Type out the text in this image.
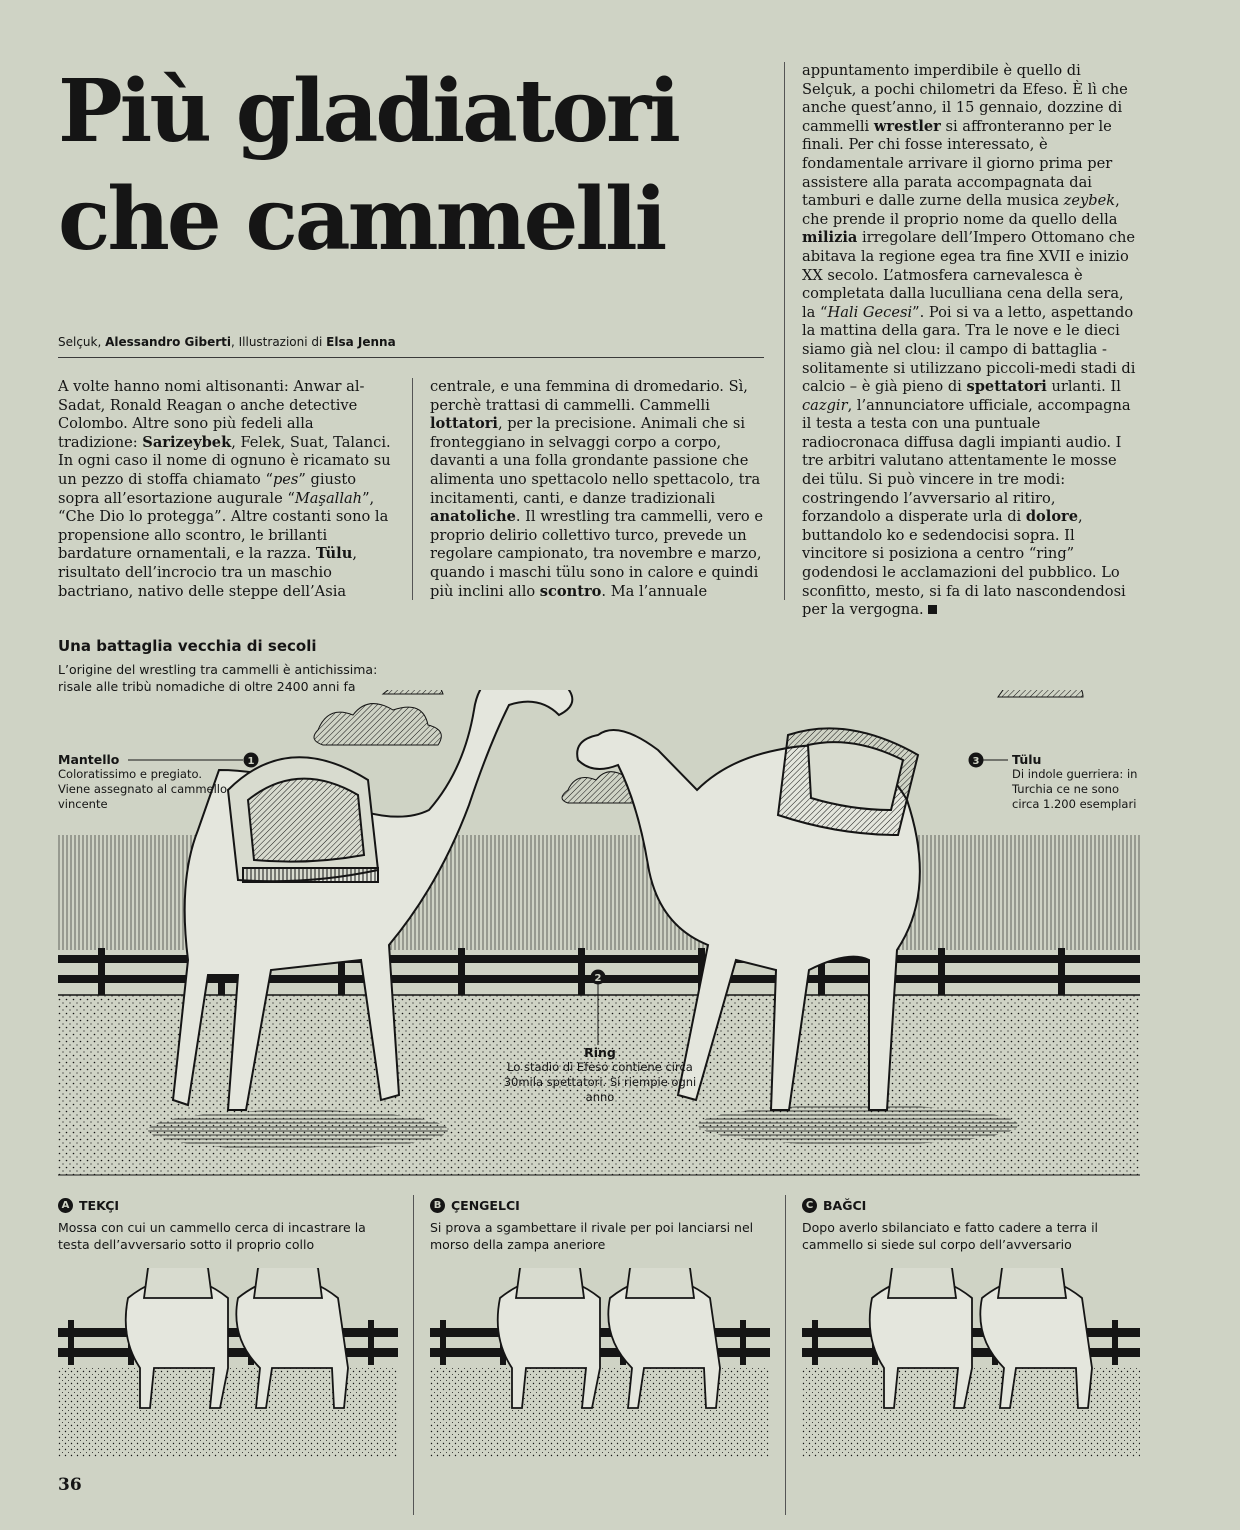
Più gladiatori
che cammelli
Selçuk, Alessandro Giberti, Illustrazioni di Elsa Jenna

A volte hanno nomi altisonanti: Anwar al-Sadat, Ronald Reagan o anche detective Colombo. Altre sono più fedeli alla tradizione: Sarizeybek, Felek, Suat, Talanci. In ogni caso il nome di ognuno è ricamato su un pezzo di stoffa chiamato “pes” giusto sopra all’esortazione augurale “Maşallah”, “Che Dio lo protegga”. Altre costanti sono la propensione allo scontro, le brillanti bardature ornamentali, e la razza. Tülu, risultato dell’incrocio tra un maschio bactriano, nativo delle steppe dell’Asia

centrale, e una femmina di dromedario. Sì, perchè trattasi di cammelli. Cammelli lottatori, per la precisione. Animali che si fronteggiano in selvaggi corpo a corpo, davanti a una folla grondante passione che alimenta uno spettacolo nello spettacolo, tra incitamenti, canti, e danze tradizionali anatoliche. Il wrestling tra cammelli, vero e proprio delirio collettivo turco, prevede un regolare campionato, tra novembre e marzo, quando i maschi tülu sono in calore e quindi più inclini allo scontro. Ma l’annuale

appuntamento imperdibile è quello di Selçuk, a pochi chilometri da Efeso. È lì che anche quest’anno, il 15 gennaio, dozzine di cammelli wrestler si affronteranno per le finali. Per chi fosse interessato, è fondamentale arrivare il giorno prima per assistere alla parata accompagnata dai tamburi e dalle zurne della musica zeybek, che prende il proprio nome da quello della milizia irregolare dell’Impero Ottomano che abitava la regione egea tra fine XVII e inizio XX secolo. L’atmosfera carnevalesca è completata dalla luculliana cena della sera, la “Hali Gecesi”. Poi si va a letto, aspettando la mattina della gara. Tra le nove e le dieci siamo già nel clou: il campo di battaglia - solitamente si utilizzano piccoli-medi stadi di calcio – è già pieno di spettatori urlanti. Il cazgir, l’annunciatore ufficiale, accompagna il testa a testa con una puntuale radiocronaca diffusa dagli impianti audio. I tre arbitri valutano attentamente le mosse dei tülu. Si può vincere in tre modi: costringendo l’avversario al ritiro, forzandolo a disperate urla di dolore, buttandolo ko e sedendocisi sopra. Il vincitore si posiziona a centro “ring” godendosi le acclamazioni del pubblico. Lo sconfitto, mesto, si fa di lato nascondendosi per la vergogna.

Una battaglia vecchia di secoli
L’origine del wrestling tra cammelli è antichissima: risale alle tribù nomadiche di oltre 2400 anni fa
1
2
3
Mantello
Coloratissimo e pregiato. Viene assegnato al cammello vincente
Tülu
Di indole guerriera: in Turchia ce ne sono circa 1.200 esemplari
Ring
Lo stadio di Efeso contiene circa 30mila spettatori. Si riempie ogni anno
A TEKÇI
Mossa con cui un cammello cerca di incastrare la testa dell’avversario sotto il proprio collo
B ÇENGELCI
Si prova a sgambettare il rivale per poi lanciarsi nel morso della zampa aneriore
C BAĞCI
Dopo averlo sbilanciato e fatto cadere a terra il cammello si siede sul corpo dell’avversario
36
